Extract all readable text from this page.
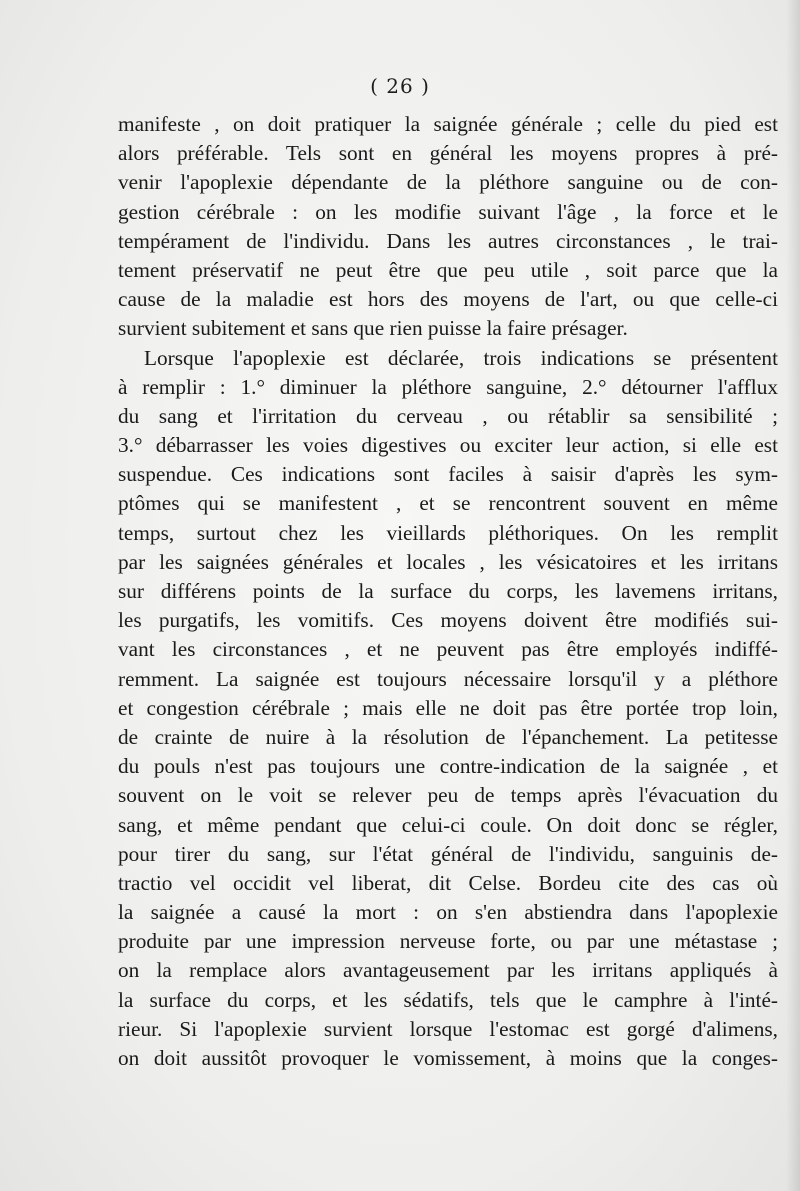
( 26 )
manifeste , on doit pratiquer la saignée générale ; celle du pied est
alors préférable. Tels sont en général les moyens propres à pré-
venir l'apoplexie dépendante de la pléthore sanguine ou de con-
gestion cérébrale : on les modifie suivant l'âge , la force et le
tempérament de l'individu. Dans les autres circonstances , le trai-
tement préservatif ne peut être que peu utile , soit parce que la
cause de la maladie est hors des moyens de l'art, ou que celle-ci
survient subitement et sans que rien puisse la faire présager.
Lorsque l'apoplexie est déclarée, trois indications se présentent
à remplir : 1.° diminuer la pléthore sanguine, 2.° détourner l'afflux
du sang et l'irritation du cerveau , ou rétablir sa sensibilité ;
3.° débarrasser les voies digestives ou exciter leur action, si elle est
suspendue. Ces indications sont faciles à saisir d'après les sym-
ptômes qui se manifestent , et se rencontrent souvent en même
temps, surtout chez les vieillards pléthoriques. On les remplit
par les saignées générales et locales , les vésicatoires et les irritans
sur différens points de la surface du corps, les lavemens irritans,
les purgatifs, les vomitifs. Ces moyens doivent être modifiés sui-
vant les circonstances , et ne peuvent pas être employés indiffé-
remment. La saignée est toujours nécessaire lorsqu'il y a pléthore
et congestion cérébrale ; mais elle ne doit pas être portée trop loin,
de crainte de nuire à la résolution de l'épanchement. La petitesse
du pouls n'est pas toujours une contre-indication de la saignée , et
souvent on le voit se relever peu de temps après l'évacuation du
sang, et même pendant que celui-ci coule. On doit donc se régler,
pour tirer du sang, sur l'état général de l'individu, sanguinis de-
tractio vel occidit vel liberat, dit Celse. Bordeu cite des cas où
la saignée a causé la mort : on s'en abstiendra dans l'apoplexie
produite par une impression nerveuse forte, ou par une métastase ;
on la remplace alors avantageusement par les irritans appliqués à
la surface du corps, et les sédatifs, tels que le camphre à l'inté-
rieur. Si l'apoplexie survient lorsque l'estomac est gorgé d'alimens,
on doit aussitôt provoquer le vomissement, à moins que la conges-
